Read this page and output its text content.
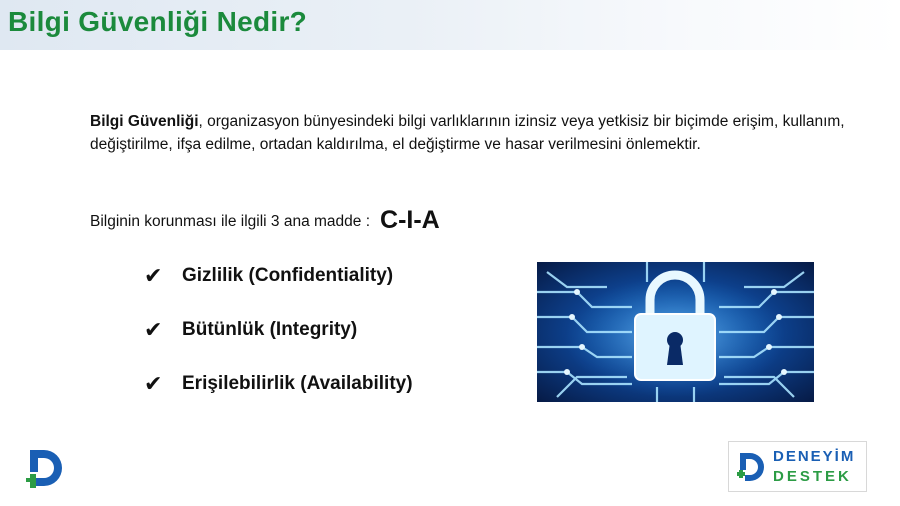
Bilgi Güvenliği Nedir?
Bilgi Güvenliği, organizasyon bünyesindeki bilgi varlıklarının izinsiz veya yetkisiz bir biçimde erişim, kullanım, değiştirilme, ifşa edilme, ortadan kaldırılma, el değiştirme ve hasar verilmesini önlemektir.
Bilginin korunması ile ilgili 3 ana madde : C-I-A
✔	Gizlilik (Confidentiality)
✔	Bütünlük (Integrity)
✔	Erişilebilirlik (Availability)
DENEYİM
DESTEK
